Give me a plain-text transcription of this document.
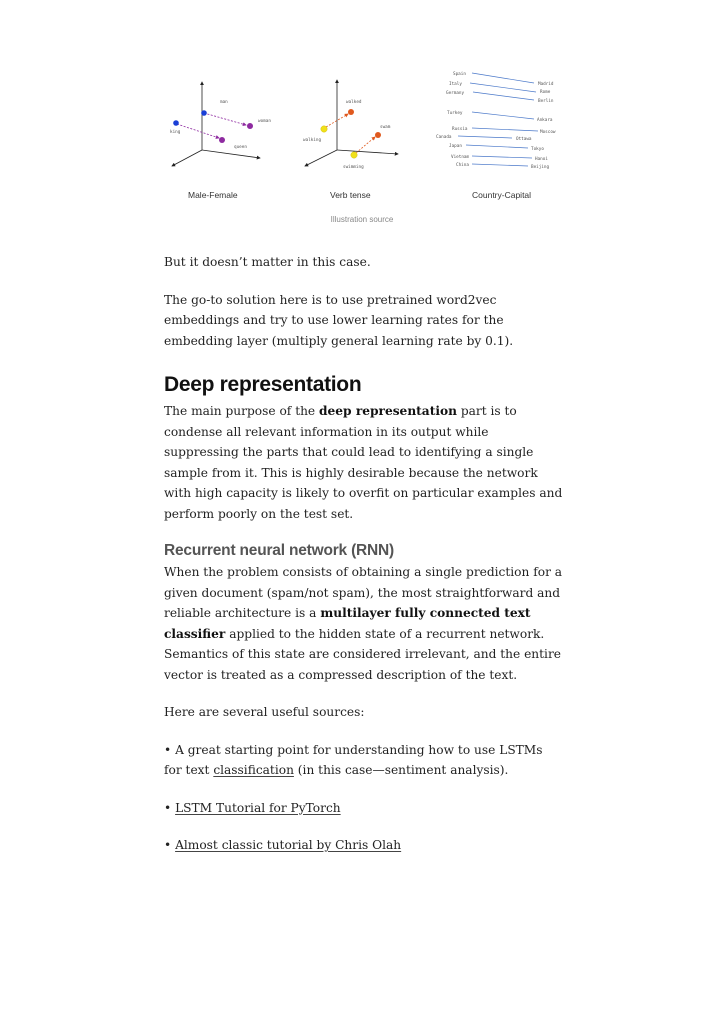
man
woman
king
queen
walked
swam
walking
swimming
Spain
Italy
Germany
Turkey
Russia
Canada
Japan
Vietnam
China
Madrid
Rome
Berlin
Ankara
Moscow
Ottawa
Tokyo
Hanoi
Beijing
Male-Female	Verb tense	Country-Capital
Illustration source

But it doesn’t matter in this case.

The go-to solution here is to use pretrained word2vec embeddings and try to use lower learning rates for the embedding layer (multiply general learning rate by 0.1).

Deep representation

The main purpose of the deep representation part is to condense all relevant information in its output while suppressing the parts that could lead to identifying a single sample from it. This is highly desirable because the network with high capacity is likely to overfit on particular examples and perform poorly on the test set.

Recurrent neural network (RNN)

When the problem consists of obtaining a single prediction for a given document (spam/not spam), the most straightforward and reliable architecture is a multilayer fully connected text classifier applied to the hidden state of a recurrent network. Semantics of this state are considered irrelevant, and the entire vector is treated as a compressed description of the text.

Here are several useful sources:

• A great starting point for understanding how to use LSTMs for text classification (in this case—sentiment analysis).
• LSTM Tutorial for PyTorch
• Almost classic tutorial by Chris Olah
